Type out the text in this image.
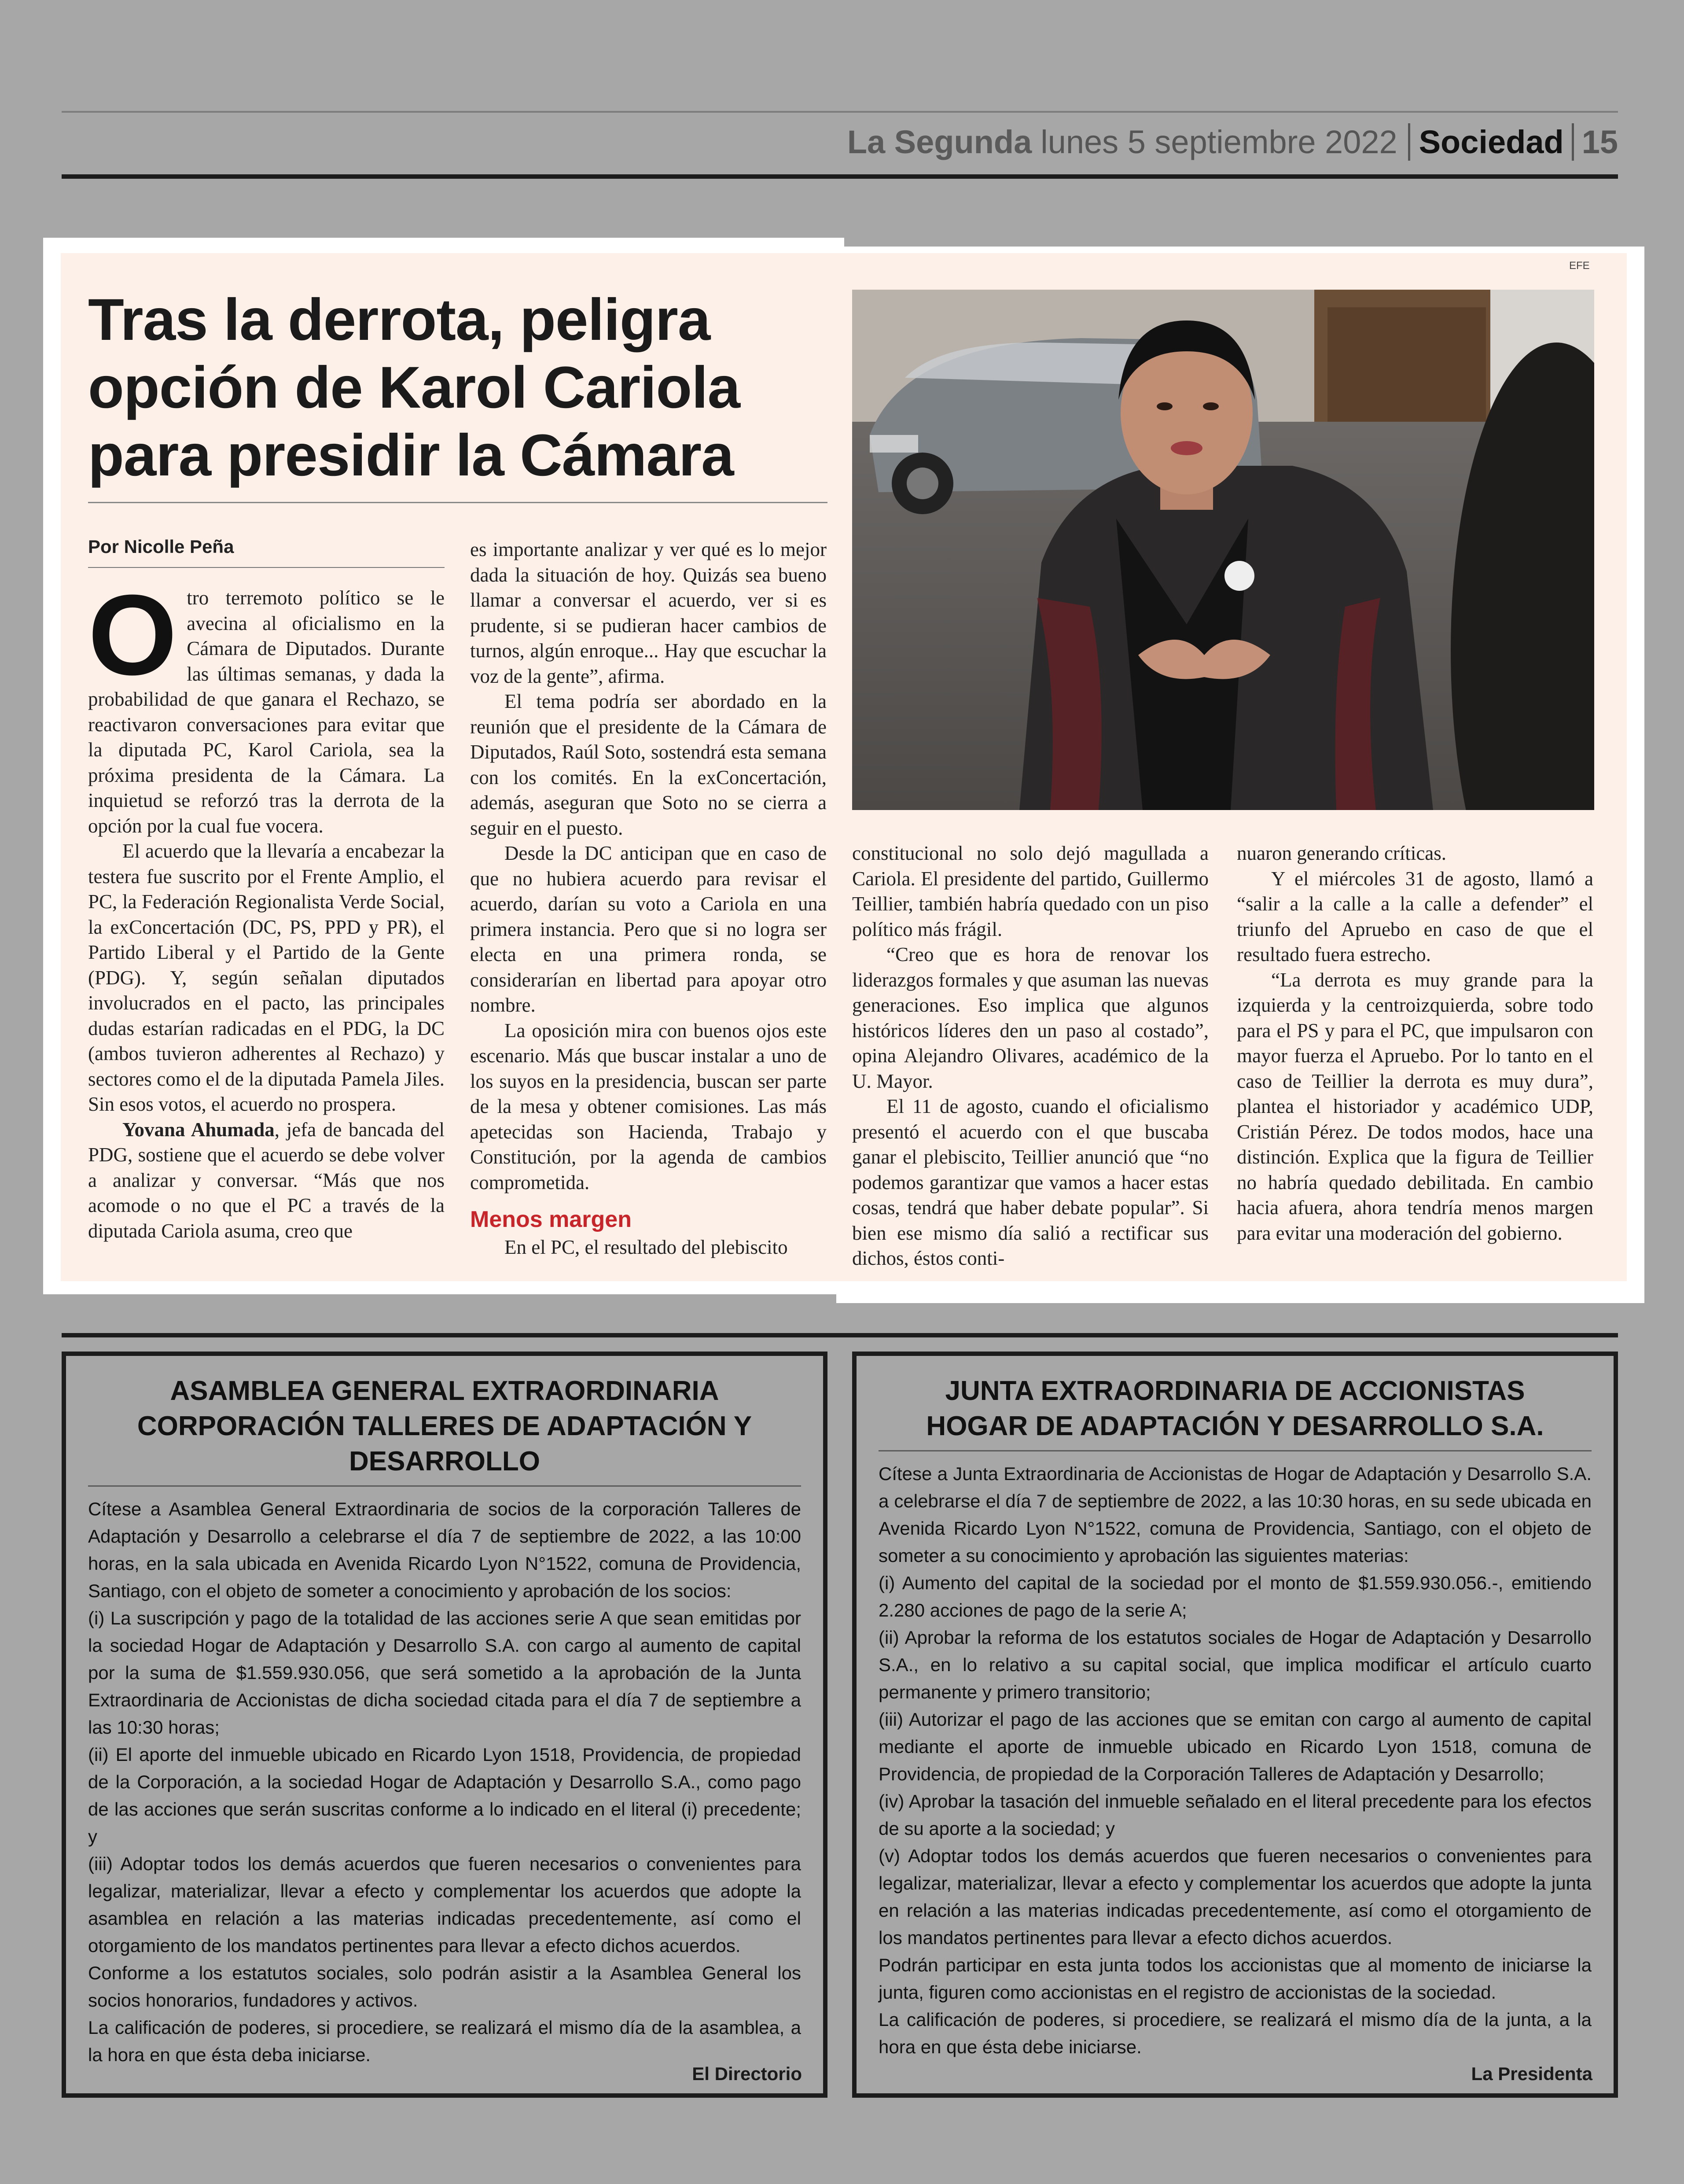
La Segunda lunes 5 septiembre 2022 Sociedad 15
EFE
Tras la derrota, peligra opción de Karol Cariola para presidir la Cámara
Por Nicolle Peña
O tro terremoto político se le avecina al oficialismo en la Cámara de Diputados. Durante las últimas semanas, y dada la probabilidad de que ganara el Rechazo, se reactivaron conversaciones para evitar que la diputada PC, Karol Cariola, sea la próxima presidenta de la Cámara. La inquietud se reforzó tras la derrota de la opción por la cual fue vocera.

El acuerdo que la llevaría a encabezar la testera fue suscrito por el Frente Amplio, el PC, la Federación Regionalista Verde Social, la exConcertación (DC, PS, PPD y PR), el Partido Liberal y el Partido de la Gente (PDG). Y, según señalan diputados involucrados en el pacto, las principales dudas estarían radicadas en el PDG, la DC (ambos tuvieron adherentes al Rechazo) y sectores como el de la diputada Pamela Jiles. Sin esos votos, el acuerdo no prospera.

Yovana Ahumada, jefa de bancada del PDG, sostiene que el acuerdo se debe volver a analizar y conversar. “Más que nos acomode o no que el PC a través de la diputada Cariola asuma, creo que

es importante analizar y ver qué es lo mejor dada la situación de hoy. Quizás sea bueno llamar a conversar el acuerdo, ver si es prudente, si se pudieran hacer cambios de turnos, algún enroque... Hay que escuchar la voz de la gente”, afirma.

El tema podría ser abordado en la reunión que el presidente de la Cámara de Diputados, Raúl Soto, sostendrá esta semana con los comités. En la exConcertación, además, aseguran que Soto no se cierra a seguir en el puesto.

Desde la DC anticipan que en caso de que no hubiera acuerdo para revisar el acuerdo, darían su voto a Cariola en una primera instancia. Pero que si no logra ser electa en una primera ronda, se considerarían en libertad para apoyar otro nombre.

La oposición mira con buenos ojos este escenario. Más que buscar instalar a uno de los suyos en la presidencia, buscan ser parte de la mesa y obtener comisiones. Las más apetecidas son Hacienda, Trabajo y Constitución, por la agenda de cambios comprometida.

Menos margen

En el PC, el resultado del plebiscito

constitucional no solo dejó magullada a Cariola. El presidente del partido, Guillermo Teillier, también habría quedado con un piso político más frágil.

“Creo que es hora de renovar los liderazgos formales y que asuman las nuevas generaciones. Eso implica que algunos históricos líderes den un paso al costado”, opina Alejandro Olivares, académico de la U. Mayor.

El 11 de agosto, cuando el oficialismo presentó el acuerdo con el que buscaba ganar el plebiscito, Teillier anunció que “no podemos garantizar que vamos a hacer estas cosas, tendrá que haber debate popular”. Si bien ese mismo día salió a rectificar sus dichos, éstos conti-

nuaron generando críticas.

Y el miércoles 31 de agosto, llamó a “salir a la calle a la calle a defender” el triunfo del Apruebo en caso de que el resultado fuera estrecho.

“La derrota es muy grande para la izquierda y la centroizquierda, sobre todo para el PS y para el PC, que impulsaron con mayor fuerza el Apruebo. Por lo tanto en el caso de Teillier la derrota es muy dura”, plantea el historiador y académico UDP, Cristián Pérez. De todos modos, hace una distinción. Explica que la figura de Teillier no habría quedado debilitada. En cambio hacia afuera, ahora tendría menos margen para evitar una moderación del gobierno.

ASAMBLEA GENERAL EXTRAORDINARIA CORPORACIÓN TALLERES DE ADAPTACIÓN Y DESARROLLO

Cítese a Asamblea General Extraordinaria de socios de la corporación Talleres de Adaptación y Desarrollo a celebrarse el día 7 de septiembre de 2022, a las 10:00 horas, en la sala ubicada en Avenida Ricardo Lyon N°1522, comuna de Providencia, Santiago, con el objeto de someter a conocimiento y aprobación de los socios:

(i) La suscripción y pago de la totalidad de las acciones serie A que sean emitidas por la sociedad Hogar de Adaptación y Desarrollo S.A. con cargo al aumento de capital por la suma de $1.559.930.056, que será sometido a la aprobación de la Junta Extraordinaria de Accionistas de dicha sociedad citada para el día 7 de septiembre a las 10:30 horas;

(ii) El aporte del inmueble ubicado en Ricardo Lyon 1518, Providencia, de propiedad de la Corporación, a la sociedad Hogar de Adaptación y Desarrollo S.A., como pago de las acciones que serán suscritas conforme a lo indicado en el literal (i) precedente; y

(iii) Adoptar todos los demás acuerdos que fueren necesarios o convenientes para legalizar, materializar, llevar a efecto y complementar los acuerdos que adopte la asamblea en relación a las materias indicadas precedentemente, así como el otorgamiento de los mandatos pertinentes para llevar a efecto dichos acuerdos.

Conforme a los estatutos sociales, solo podrán asistir a la Asamblea General los socios honorarios, fundadores y activos.

La calificación de poderes, si procediere, se realizará el mismo día de la asamblea, a la hora en que ésta deba iniciarse.

El Directorio
JUNTA EXTRAORDINARIA DE ACCIONISTAS HOGAR DE ADAPTACIÓN Y DESARROLLO S.A.

Cítese a Junta Extraordinaria de Accionistas de Hogar de Adaptación y Desarrollo S.A. a celebrarse el día 7 de septiembre de 2022, a las 10:30 horas, en su sede ubicada en Avenida Ricardo Lyon N°1522, comuna de Providencia, Santiago, con el objeto de someter a su conocimiento y aprobación las siguientes materias:

(i) Aumento del capital de la sociedad por el monto de $1.559.930.056.-, emitiendo 2.280 acciones de pago de la serie A;

(ii) Aprobar la reforma de los estatutos sociales de Hogar de Adaptación y Desarrollo S.A., en lo relativo a su capital social, que implica modificar el artículo cuarto permanente y primero transitorio;

(iii) Autorizar el pago de las acciones que se emitan con cargo al aumento de capital mediante el aporte de inmueble ubicado en Ricardo Lyon 1518, comuna de Providencia, de propiedad de la Corporación Talleres de Adaptación y Desarrollo;

(iv) Aprobar la tasación del inmueble señalado en el literal precedente para los efectos de su aporte a la sociedad; y

(v) Adoptar todos los demás acuerdos que fueren necesarios o convenientes para legalizar, materializar, llevar a efecto y complementar los acuerdos que adopte la junta en relación a las materias indicadas precedentemente, así como el otorgamiento de los mandatos pertinentes para llevar a efecto dichos acuerdos.

Podrán participar en esta junta todos los accionistas que al momento de iniciarse la junta, figuren como accionistas en el registro de accionistas de la sociedad.

La calificación de poderes, si procediere, se realizará el mismo día de la junta, a la hora en que ésta debe iniciarse.

La Presidenta
